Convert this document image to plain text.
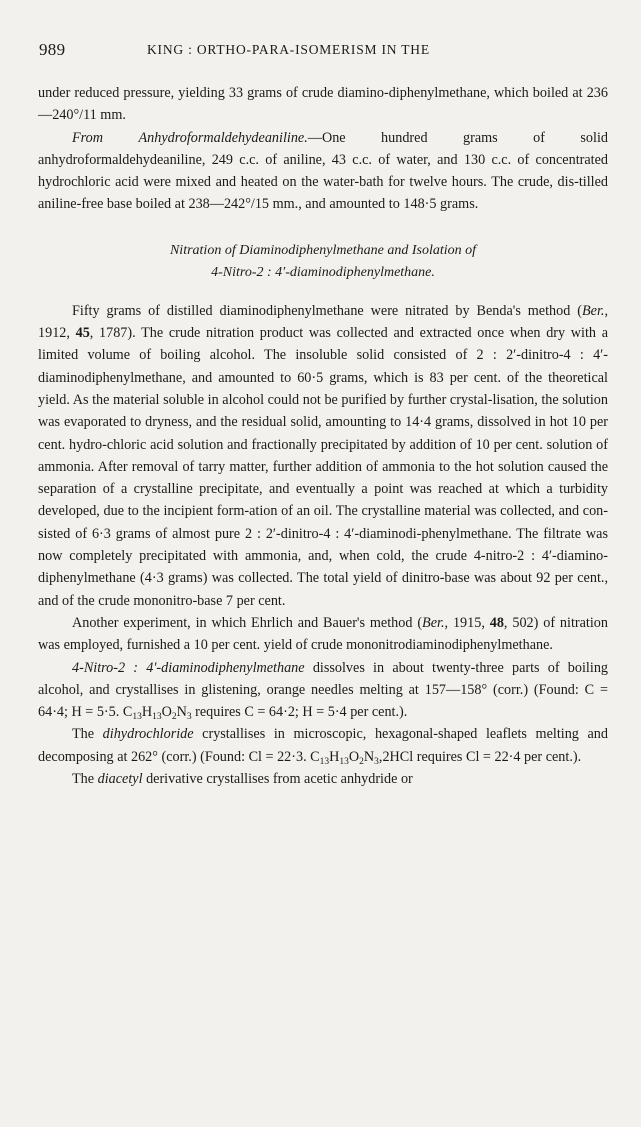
989	KING : ORTHO-PARA-ISOMERISM IN THE

under reduced pressure, yielding 33 grams of crude diamino-diphenylmethane, which boiled at 236—240°/11 mm.

From Anhydroformaldehydeaniline.—One hundred grams of solid anhydroformaldehydeaniline, 249 c.c. of aniline, 43 c.c. of water, and 130 c.c. of concentrated hydrochloric acid were mixed and heated on the water-bath for twelve hours. The crude, dis-tilled aniline-free base boiled at 238—242°/15 mm., and amounted to 148·5 grams.

Nitration of Diaminodiphenylmethane and Isolation of
4-Nitro-2 : 4′-diaminodiphenylmethane.

Fifty grams of distilled diaminodiphenylmethane were nitrated by Benda's method (Ber., 1912, 45, 1787). The crude nitration product was collected and extracted once when dry with a limited volume of boiling alcohol. The insoluble solid consisted of 2 : 2′-dinitro-4 : 4′-diaminodiphenylmethane, and amounted to 60·5 grams, which is 83 per cent. of the theoretical yield. As the material soluble in alcohol could not be purified by further crystal-lisation, the solution was evaporated to dryness, and the residual solid, amounting to 14·4 grams, dissolved in hot 10 per cent. hydro-chloric acid solution and fractionally precipitated by addition of 10 per cent. solution of ammonia. After removal of tarry matter, further addition of ammonia to the hot solution caused the separation of a crystalline precipitate, and eventually a point was reached at which a turbidity developed, due to the incipient form-ation of an oil. The crystalline material was collected, and con-sisted of 6·3 grams of almost pure 2 : 2′-dinitro-4 : 4′-diaminodi-phenylmethane. The filtrate was now completely precipitated with ammonia, and, when cold, the crude 4-nitro-2 : 4′-diamino-diphenylmethane (4·3 grams) was collected. The total yield of dinitro-base was about 92 per cent., and of the crude mononitro-base 7 per cent.

Another experiment, in which Ehrlich and Bauer's method (Ber., 1915, 48, 502) of nitration was employed, furnished a 10 per cent. yield of crude mononitrodiaminodiphenylmethane.

4-Nitro-2 : 4′-diaminodiphenylmethane dissolves in about twenty-three parts of boiling alcohol, and crystallises in glistening, orange needles melting at 157—158° (corr.) (Found: C = 64·4; H = 5·5. $C_{13}H_{13}O_2N_3$ requires C = 64·2; H = 5·4 per cent.).

The dihydrochloride crystallises in microscopic, hexagonal-shaped leaflets melting and decomposing at 262° (corr.) (Found: Cl = 22·3. $C_{13}H_{13}O_2N_3,2HCl$ requires Cl = 22·4 per cent.).

The diacetyl derivative crystallises from acetic anhydride or
